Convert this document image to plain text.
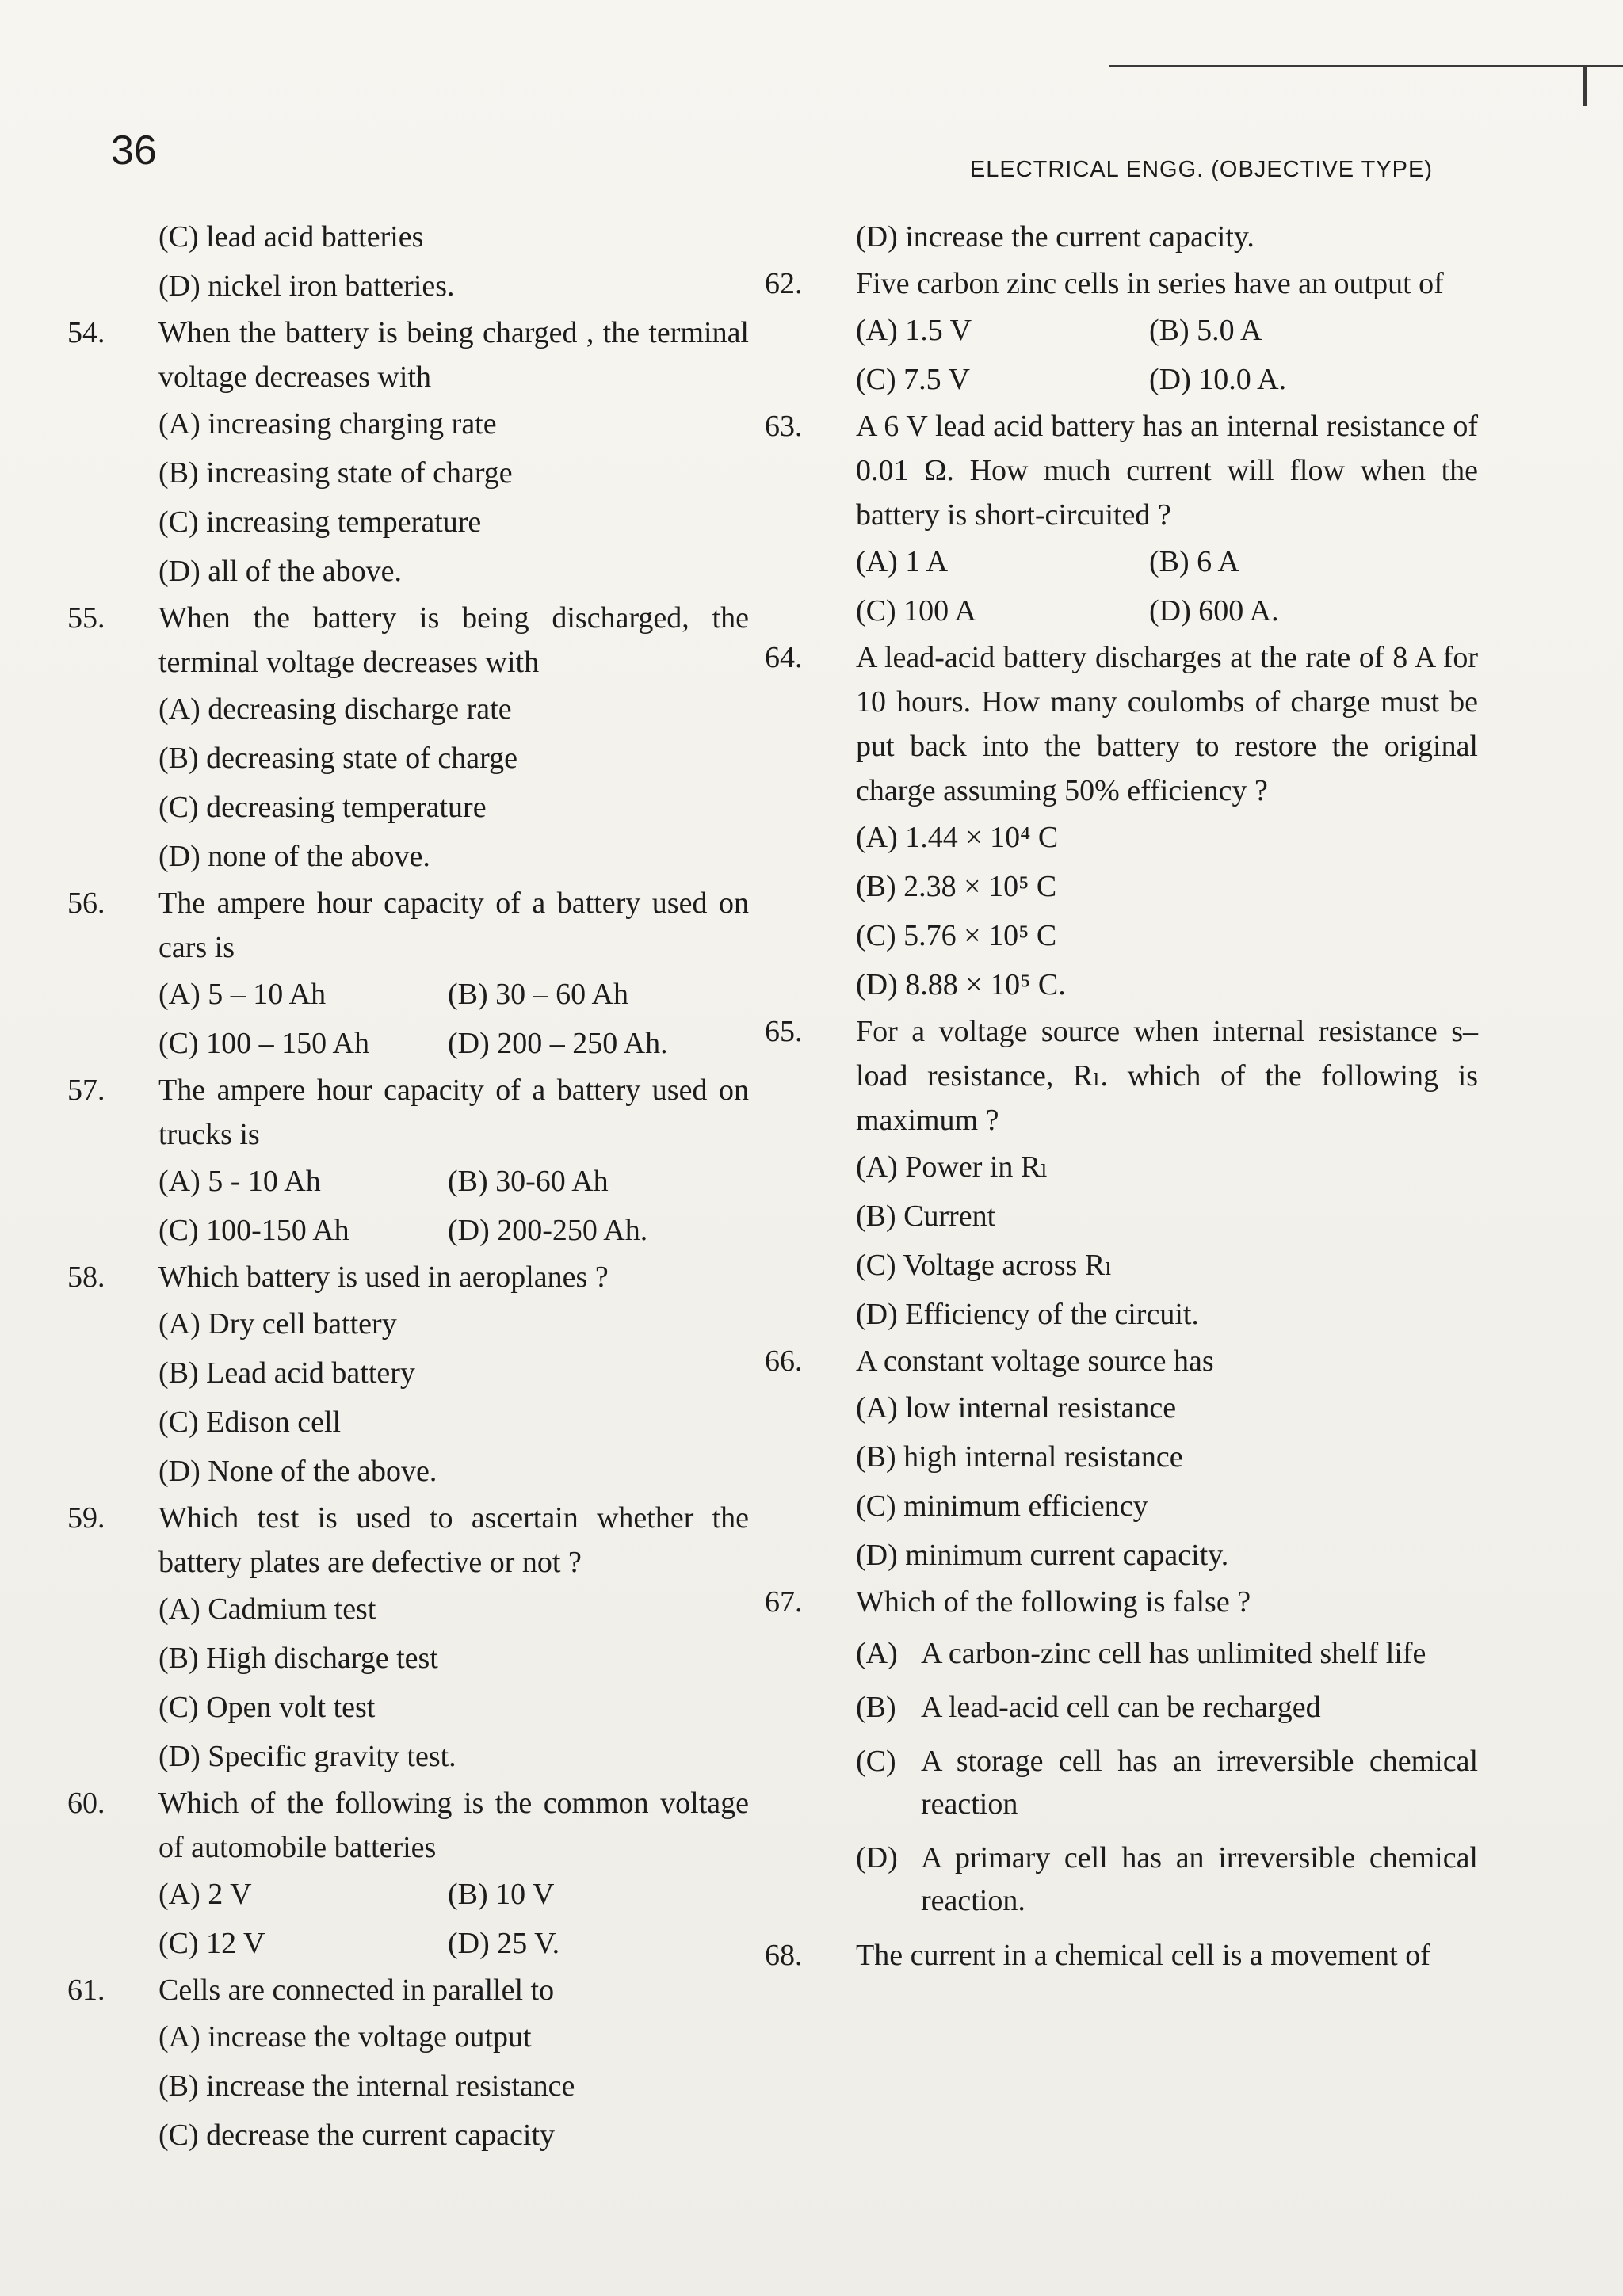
36	ELECTRICAL ENGG. (OBJECTIVE TYPE)
(C) lead acid batteries
(D) nickel iron batteries.
54. When the battery is being charged , the terminal voltage decreases with
(A) increasing charging rate
(B) increasing state of charge
(C) increasing temperature
(D) all of the above.
55. When the battery is being discharged, the terminal voltage decreases with
(A) decreasing discharge rate
(B) decreasing state of charge
(C) decreasing temperature
(D) none of the above.
56. The ampere hour capacity of a battery used on cars is
(A) 5 – 10 Ah	(B) 30 – 60 Ah
(C) 100 – 150 Ah	(D) 200 – 250 Ah.
57. The ampere hour capacity of a battery used on trucks is
(A) 5 - 10 Ah	(B) 30-60 Ah
(C) 100-150 Ah	(D) 200-250 Ah.
58. Which battery is used in aeroplanes ?
(A) Dry cell battery
(B) Lead acid battery
(C) Edison cell
(D) None of the above.
59. Which test is used to ascertain whether the battery plates are defective or not ?
(A) Cadmium test
(B) High discharge test
(C) Open volt test
(D) Specific gravity test.
60. Which of the following is the common voltage of automobile batteries
(A) 2 V	(B) 10 V
(C) 12 V	(D) 25 V.
61. Cells are connected in parallel to
(A) increase the voltage output
(B) increase the internal resistance
(C) decrease the current capacity
(D) increase the current capacity.
62. Five carbon zinc cells in series have an output of
(A) 1.5 V	(B) 5.0 A
(C) 7.5 V	(D) 10.0 A.
63. A 6 V lead acid battery has an internal resistance of 0.01 Ω. How much current will flow when the battery is short-circuited ?
(A) 1 A	(B) 6 A
(C) 100 A	(D) 600 A.
64. A lead-acid battery discharges at the rate of 8 A for 10 hours. How many coulombs of charge must be put back into the battery to restore the original charge assuming 50% efficiency ?
(A) 1.44 × 10⁴ C
(B) 2.38 × 10⁵ C
(C) 5.76 × 10⁵ C
(D) 8.88 × 10⁵ C.
65. For a voltage source when internal resistance s–load resistance, Rₗ. which of the following is maximum ?
(A) Power in Rₗ
(B) Current
(C) Voltage across Rₗ
(D) Efficiency of the circuit.
66. A constant voltage source has
(A) low internal resistance
(B) high internal resistance
(C) minimum efficiency
(D) minimum current capacity.
67. Which of the following is false ?
(A) A carbon-zinc cell has unlimited shelf life
(B) A lead-acid cell can be recharged
(C) A storage cell has an irreversible chemical reaction
(D) A primary cell has an irreversible chemical reaction.
68. The current in a chemical cell is a movement of
